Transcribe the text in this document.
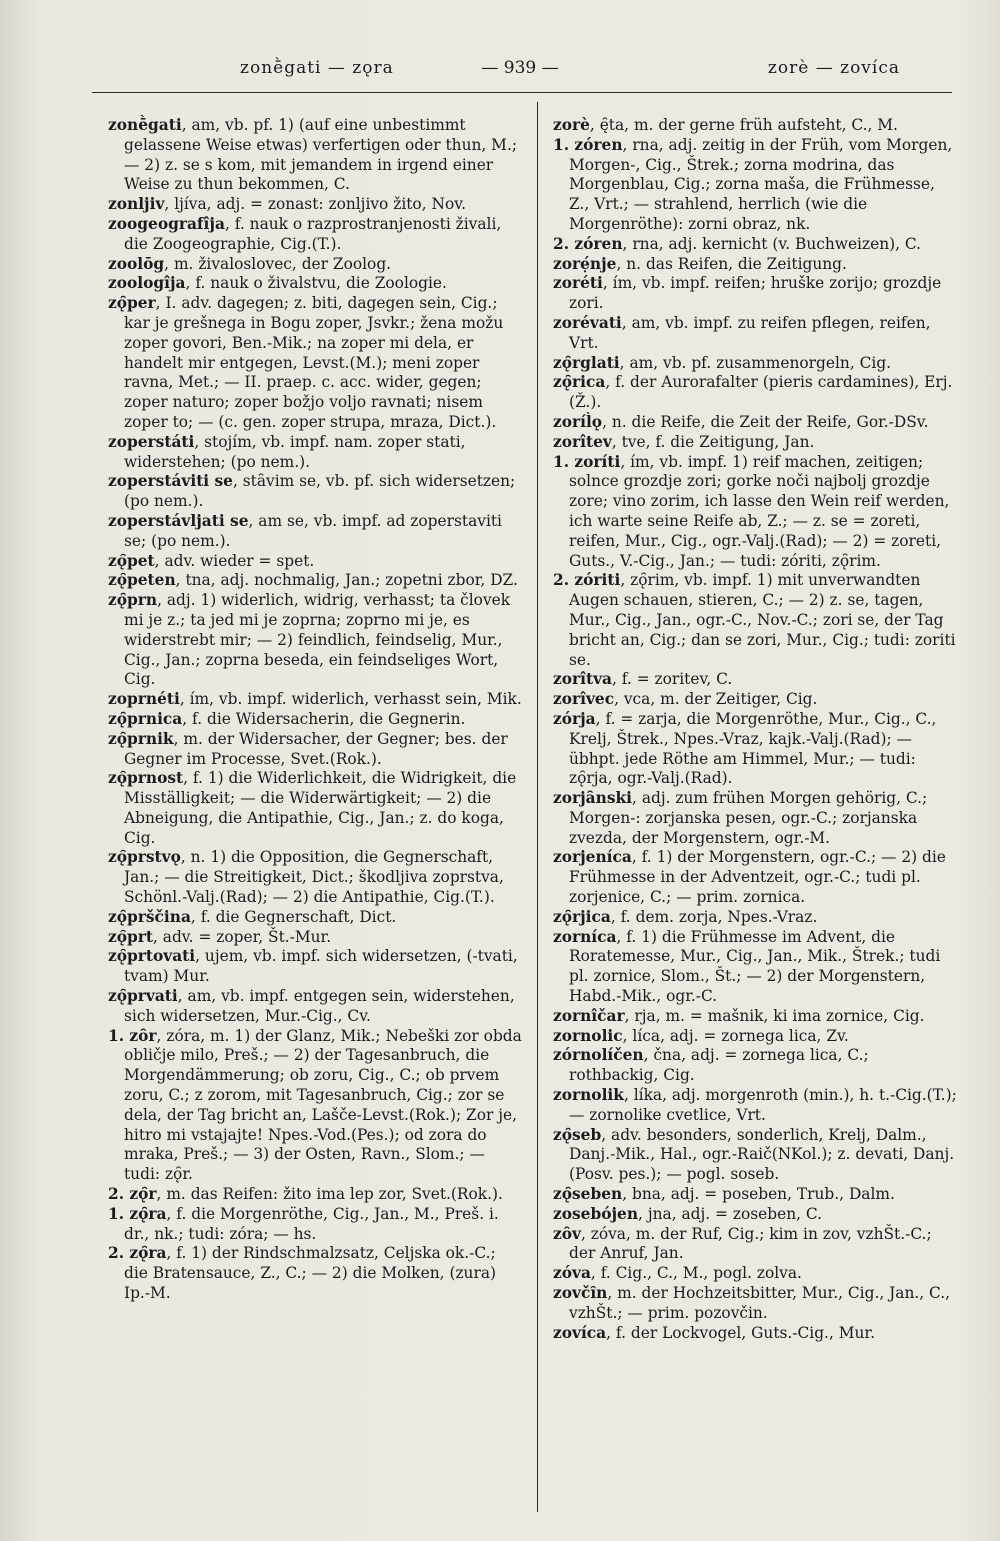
zonḕgati — zǫra	— 939 —	zorè — zovíca

zonḕgati, am, vb. pf. 1) (auf eine unbestimmt gelassene Weise etwas) verfertigen oder thun, M.; — 2) z. se s kom, mit jemandem in irgend einer Weise zu thun bekommen, C.

zonljiv, ljíva, adj. = zonast: zonljivo žito, Nov.

zoogeografîja, f. nauk o razprostranjenosti živali, die Zoogeographie, Cig.(T.).

zoolōg, m. živaloslovec, der Zoolog.

zoologîja, f. nauk o živalstvu, die Zoologie.

zǫ̑per, I. adv. dagegen; z. biti, dagegen sein, Cig.; kar je grešnega in Bogu zoper, Jsvkr.; žena možu zoper govori, Ben.-Mik.; na zoper mi dela, er handelt mir entgegen, Levst.(M.); meni zoper ravna, Met.; — II. praep. c. acc. wider, gegen; zoper naturo; zoper božjo voljo ravnati; nisem zoper to; — (c. gen. zoper strupa, mraza, Dict.).

zoperstáti, stojím, vb. impf. nam. zoper stati, widerstehen; (po nem.).

zoperstáviti se, stȃvim se, vb. pf. sich widersetzen; (po nem.).

zoperstávljati se, am se, vb. impf. ad zoperstaviti se; (po nem.).

zǫ̑pet, adv. wieder = spet.

zǫ̑peten, tna, adj. nochmalig, Jan.; zopetni zbor, DZ.

zǫ̑prn, adj. 1) widerlich, widrig, verhasst; ta človek mi je z.; ta jed mi je zoprna; zoprno mi je, es widerstrebt mir; — 2) feindlich, feindselig, Mur., Cig., Jan.; zoprna beseda, ein feindseliges Wort, Cig.

zoprnéti, ím, vb. impf. widerlich, verhasst sein, Mik.

zǫ̑prnica, f. die Widersacherin, die Gegnerin.

zǫ̑prnik, m. der Widersacher, der Gegner; bes. der Gegner im Processe, Svet.(Rok.).

zǫ̑prnost, f. 1) die Widerlichkeit, die Widrigkeit, die Misställigkeit; — die Widerwärtigkeit; — 2) die Abneigung, die Antipathie, Cig., Jan.; z. do koga, Cig.

zǫ̑prstvǫ, n. 1) die Opposition, die Gegnerschaft, Jan.; — die Streitigkeit, Dict.; škodljiva zoprstva, Schönl.-Valj.(Rad); — 2) die Antipathie, Cig.(T.).

zǫ̑prščina, f. die Gegnerschaft, Dict.

zǫ̑prt, adv. = zoper, Št.-Mur.

zǫ̑prtovati, ujem, vb. impf. sich widersetzen, (-tvati, tvam) Mur.

zǫ̑prvati, am, vb. impf. entgegen sein, widerstehen, sich widersetzen, Mur.-Cig., Cv.

1. zȏr, zóra, m. 1) der Glanz, Mik.; Nebeški zor obda obličje milo, Preš.; — 2) der Tagesanbruch, die Morgendämmerung; ob zoru, Cig., C.; ob prvem zoru, C.; z zorom, mit Tagesanbruch, Cig.; zor se dela, der Tag bricht an, Lašče-Levst.(Rok.); Zor je, hitro mi vstajajte! Npes.-Vod.(Pes.); od zora do mraka, Preš.; — 3) der Osten, Ravn., Slom.; — tudi: zǫ̑r.

2. zǫ̑r, m. das Reifen: žito ima lep zor, Svet.(Rok.).

1. zǫ̑ra, f. die Morgenröthe, Cig., Jan., M., Preš. i. dr., nk.; tudi: zóra; — hs.

2. zǫ̑ra, f. 1) der Rindschmalzsatz, Celjska ok.-C.; die Bratensauce, Z., C.; — 2) die Molken, (zura) Ip.-M.

zorè, ę̑ta, m. der gerne früh aufsteht, C., M.

1. zóren, rna, adj. zeitig in der Früh, vom Morgen, Morgen-, Cig., Štrek.; zorna modrina, das Morgenblau, Cig.; zorna maša, die Frühmesse, Z., Vrt.; — strahlend, herrlich (wie die Morgenröthe): zorni obraz, nk.

2. zóren, rna, adj. kernicht (v. Buchweizen), C.

zorẹ́nje, n. das Reifen, die Zeitigung.

zoréti, ím, vb. impf. reifen; hruške zorijo; grozdje zori.

zorévati, am, vb. impf. zu reifen pflegen, reifen, Vrt.

zǫ̑rglati, am, vb. pf. zusammenorgeln, Cig.

zǫ̑rica, f. der Aurorafalter (pieris cardamines), Erj.(Ž.).

zoríl̀ǫ, n. die Reife, die Zeit der Reife, Gor.-DSv.

zorîtev, tve, f. die Zeitigung, Jan.

1. zoríti, ím, vb. impf. 1) reif machen, zeitigen; solnce grozdje zori; gorke noči najbolj grozdje zore; vino zorim, ich lasse den Wein reif werden, ich warte seine Reife ab, Z.; — z. se = zoreti, reifen, Mur., Cig., ogr.-Valj.(Rad); — 2) = zoreti, Guts., V.-Cig., Jan.; — tudi: zóriti, zǫ̑rim.

2. zóriti, zǫ̑rim, vb. impf. 1) mit unverwandten Augen schauen, stieren, C.; — 2) z. se, tagen, Mur., Cig., Jan., ogr.-C., Nov.-C.; zori se, der Tag bricht an, Cig.; dan se zori, Mur., Cig.; tudi: zoriti se.

zorîtva, f. = zoritev, C.

zorîvec, vca, m. der Zeitiger, Cig.

zórja, f. = zarja, die Morgenröthe, Mur., Cig., C., Krelj, Štrek., Npes.-Vraz, kajk.-Valj.(Rad); — übhpt. jede Röthe am Himmel, Mur.; — tudi: zǫ̑rja, ogr.-Valj.(Rad).

zorjȃnski, adj. zum frühen Morgen gehörig, C.; Morgen-: zorjanska pesen, ogr.-C.; zorjanska zvezda, der Morgenstern, ogr.-M.

zorjeníca, f. 1) der Morgenstern, ogr.-C.; — 2) die Frühmesse in der Adventzeit, ogr.-C.; tudi pl. zorjenice, C.; — prim. zornica.

zǫ̑rjica, f. dem. zorja, Npes.-Vraz.

zorníca, f. 1) die Frühmesse im Advent, die Roratemesse, Mur., Cig., Jan., Mik., Štrek.; tudi pl. zornice, Slom., Št.; — 2) der Morgenstern, Habd.-Mik., ogr.-C.

zornîčar, rja, m. = mašnik, ki ima zornice, Cig.

zornolic, líca, adj. = zornega lica, Zv.

zórnolíčen, čna, adj. = zornega lica, C.; rothbackig, Cig.

zornolik, líka, adj. morgenroth (min.), h. t.-Cig.(T.); — zornolike cvetlice, Vrt.

zǫ̑seb, adv. besonders, sonderlich, Krelj, Dalm., Danj.-Mik., Hal., ogr.-Raič(NKol.); z. devati, Danj.(Posv. pes.); — pogl. soseb.

zǫ̑seben, bna, adj. = poseben, Trub., Dalm.

zosebójen, jna, adj. = zoseben, C.

zȏv, zóva, m. der Ruf, Cig.; kim in zov, vzhŠt.-C.; der Anruf, Jan.

zóva, f. Cig., C., M., pogl. zolva.

zovčȋn, m. der Hochzeitsbitter, Mur., Cig., Jan., C., vzhŠt.; — prim. pozovčin.

zovíca, f. der Lockvogel, Guts.-Cig., Mur.
